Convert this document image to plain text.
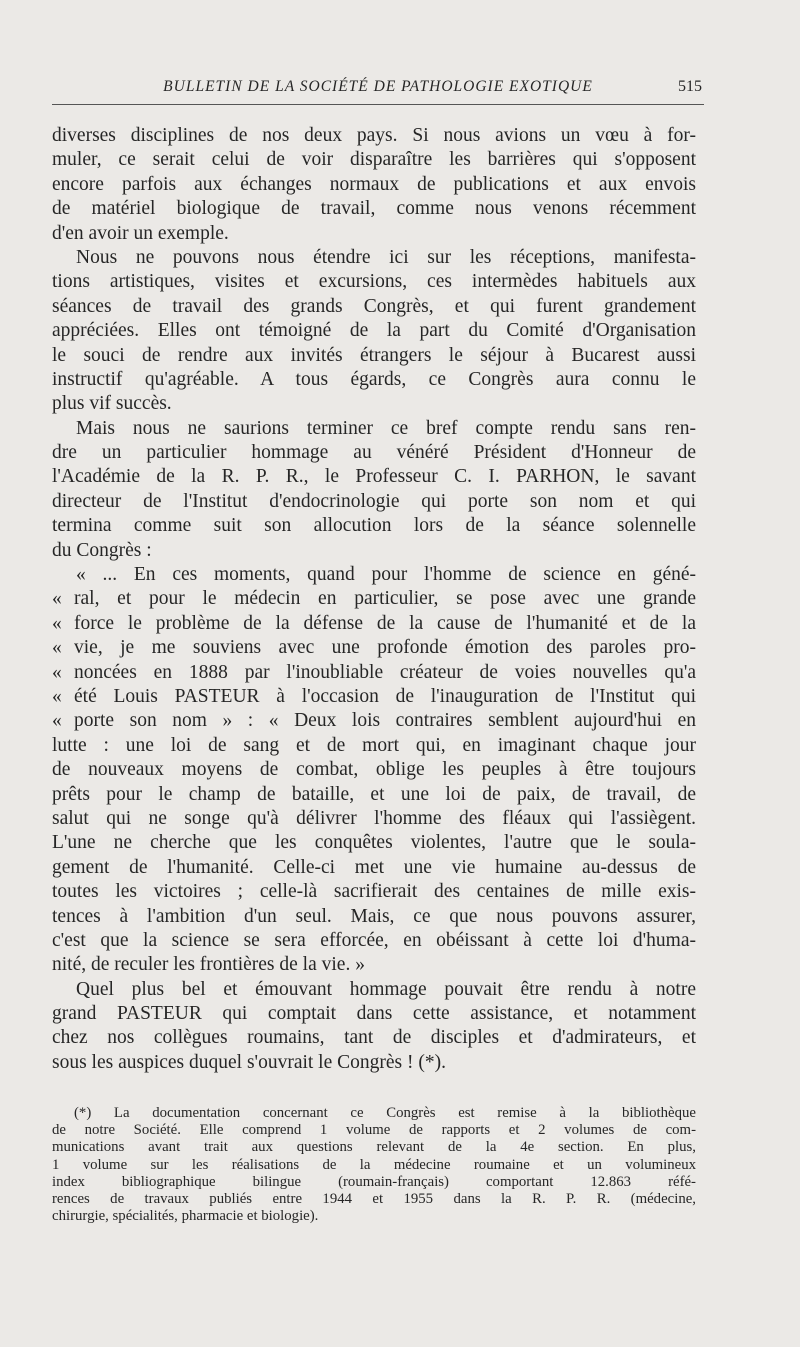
BULLETIN DE LA SOCIÉTÉ DE PATHOLOGIE EXOTIQUE	515
diverses disciplines de nos deux pays. Si nous avions un vœu à for-
muler, ce serait celui de voir disparaître les barrières qui s'opposent
encore parfois aux échanges normaux de publications et aux envois
de matériel biologique de travail, comme nous venons récemment
d'en avoir un exemple.
Nous ne pouvons nous étendre ici sur les réceptions, manifesta-
tions artistiques, visites et excursions, ces intermèdes habituels aux
séances de travail des grands Congrès, et qui furent grandement
appréciées. Elles ont témoigné de la part du Comité d'Organisation
le souci de rendre aux invités étrangers le séjour à Bucarest aussi
instructif qu'agréable. A tous égards, ce Congrès aura connu le
plus vif succès.
Mais nous ne saurions terminer ce bref compte rendu sans ren-
dre un particulier hommage au vénéré Président d'Honneur de
l'Académie de la R. P. R., le Professeur C. I. PARHON, le savant
directeur de l'Institut d'endocrinologie qui porte son nom et qui
termina comme suit son allocution lors de la séance solennelle
du Congrès :
« ... En ces moments, quand pour l'homme de science en géné-
« ral, et pour le médecin en particulier, se pose avec une grande
« force le problème de la défense de la cause de l'humanité et de la
« vie, je me souviens avec une profonde émotion des paroles pro-
« noncées en 1888 par l'inoubliable créateur de voies nouvelles qu'a
« été Louis PASTEUR à l'occasion de l'inauguration de l'Institut qui
« porte son nom » : « Deux lois contraires semblent aujourd'hui en
lutte : une loi de sang et de mort qui, en imaginant chaque jour
de nouveaux moyens de combat, oblige les peuples à être toujours
prêts pour le champ de bataille, et une loi de paix, de travail, de
salut qui ne songe qu'à délivrer l'homme des fléaux qui l'assiègent.
L'une ne cherche que les conquêtes violentes, l'autre que le soula-
gement de l'humanité. Celle-ci met une vie humaine au-dessus de
toutes les victoires ; celle-là sacrifierait des centaines de mille exis-
tences à l'ambition d'un seul. Mais, ce que nous pouvons assurer,
c'est que la science se sera efforcée, en obéissant à cette loi d'huma-
nité, de reculer les frontières de la vie. »
Quel plus bel et émouvant hommage pouvait être rendu à notre
grand PASTEUR qui comptait dans cette assistance, et notamment
chez nos collègues roumains, tant de disciples et d'admirateurs, et
sous les auspices duquel s'ouvrait le Congrès ! (*).
(*) La documentation concernant ce Congrès est remise à la bibliothèque
de notre Société. Elle comprend 1 volume de rapports et 2 volumes de com-
munications avant trait aux questions relevant de la 4e section. En plus,
1 volume sur les réalisations de la médecine roumaine et un volumineux
index bibliographique bilingue (roumain-français) comportant 12.863 réfé-
rences de travaux publiés entre 1944 et 1955 dans la R. P. R. (médecine,
chirurgie, spécialités, pharmacie et biologie).
